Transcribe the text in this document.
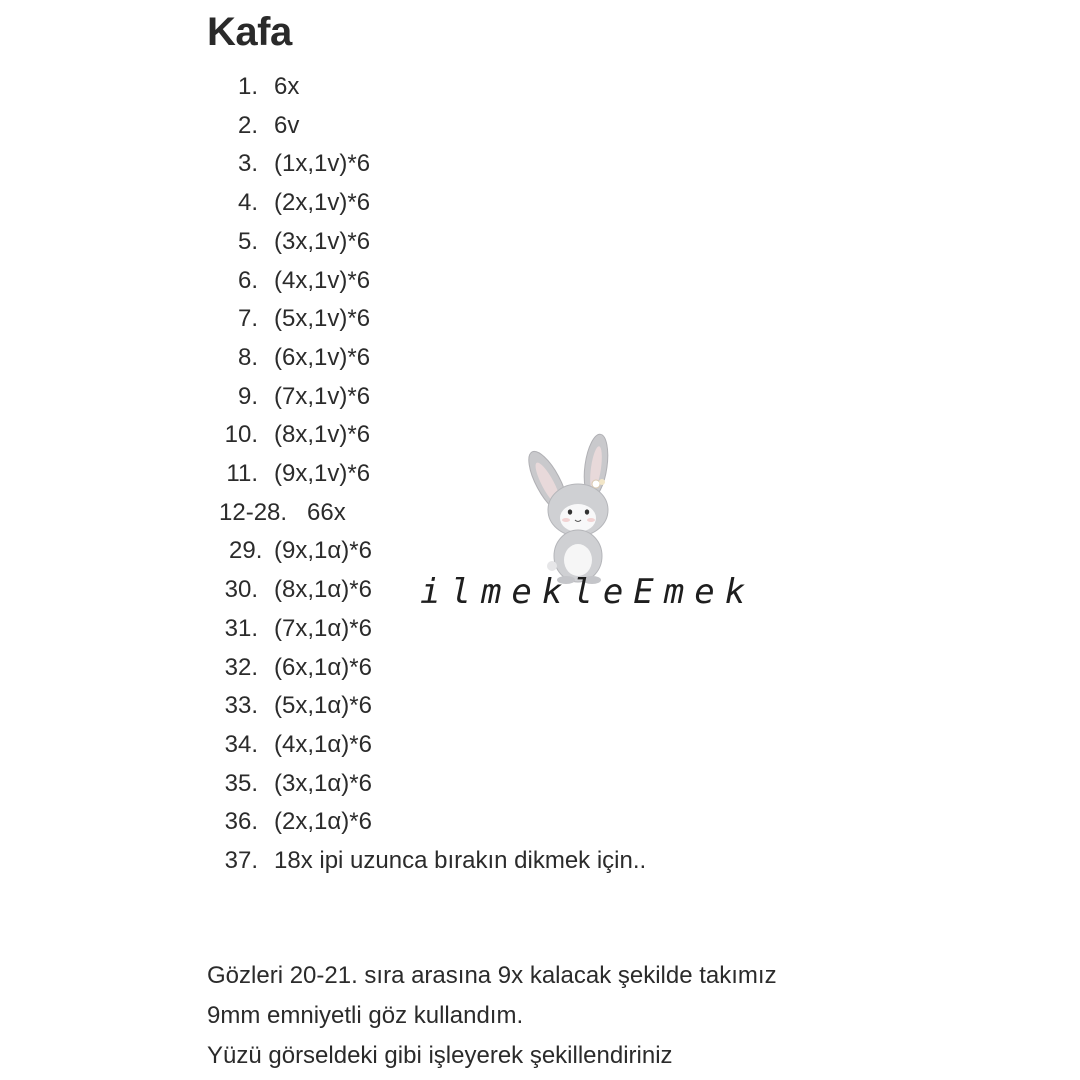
Kafa
1. 6x
2. 6v
3. (1x,1v)*6
4. (2x,1v)*6
5. (3x,1v)*6
6. (4x,1v)*6
7. (5x,1v)*6
8. (6x,1v)*6
9. (7x,1v)*6
10. (8x,1v)*6
11. (9x,1v)*6
12-28. 66x
29. (9x,1α)*6
30. (8x,1α)*6
31. (7x,1α)*6
32. (6x,1α)*6
33. (5x,1α)*6
34. (4x,1α)*6
35. (3x,1α)*6
36. (2x,1α)*6
37. 18x ipi uzunca bırakın dikmek için..
Gözleri 20-21. sıra arasına 9x kalacak şekilde takımız
9mm emniyetli göz kullandım.
Yüzü görseldeki gibi işleyerek şekillendiriniz
ilmekleEmek
